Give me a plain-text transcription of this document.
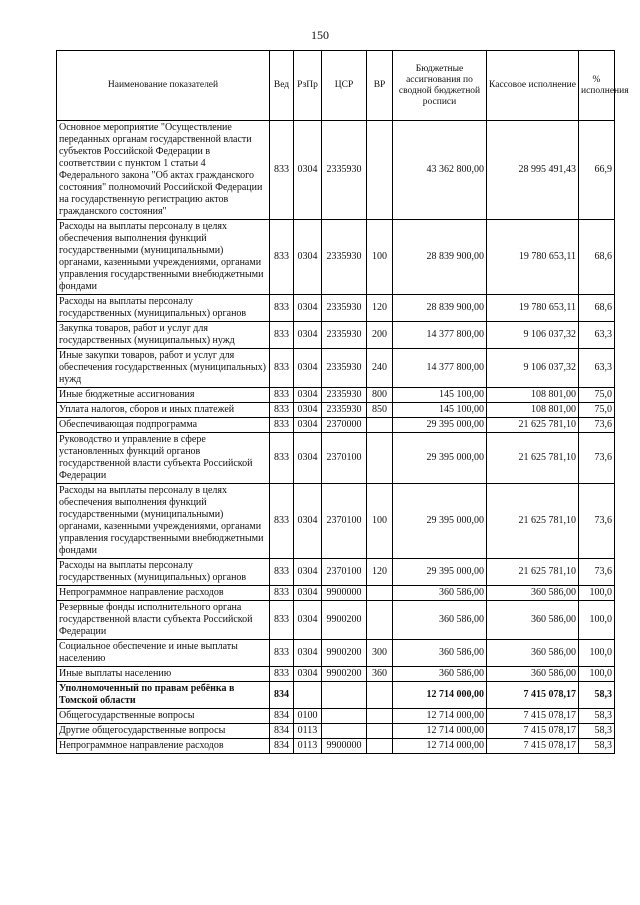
150
Наименование показателей	Вед	РзПр	ЦСР	ВР	Бюджетные ассигнования по сводной бюджетной росписи	Кассовое исполнение	% исполнения
Основное мероприятие "Осуществление переданных органам государственной власти субъектов Российской Федерации в соответствии с пунктом 1 статьи 4 Федерального закона "Об актах гражданского состояния" полномочий Российской Федерации на государственную регистрацию актов гражданского состояния"	833	0304	2335930		43 362 800,00	28 995 491,43	66,9
Расходы на выплаты персоналу в целях обеспечения выполнения функций государственными (муниципальными) органами, казенными учреждениями, органами управления государственными внебюджетными фондами	833	0304	2335930	100	28 839 900,00	19 780 653,11	68,6
Расходы на выплаты персоналу государственных (муниципальных) органов	833	0304	2335930	120	28 839 900,00	19 780 653,11	68,6
Закупка товаров, работ и услуг для государственных (муниципальных) нужд	833	0304	2335930	200	14 377 800,00	9 106 037,32	63,3
Иные закупки товаров, работ и услуг для обеспечения государственных (муниципальных) нужд	833	0304	2335930	240	14 377 800,00	9 106 037,32	63,3
Иные бюджетные ассигнования	833	0304	2335930	800	145 100,00	108 801,00	75,0
Уплата налогов, сборов и иных платежей	833	0304	2335930	850	145 100,00	108 801,00	75,0
Обеспечивающая подпрограмма	833	0304	2370000		29 395 000,00	21 625 781,10	73,6
Руководство и управление в сфере установленных функций органов государственной власти субъекта Российской Федерации	833	0304	2370100		29 395 000,00	21 625 781,10	73,6
Расходы на выплаты персоналу в целях обеспечения выполнения функций государственными (муниципальными) органами, казенными учреждениями, органами управления государственными внебюджетными фондами	833	0304	2370100	100	29 395 000,00	21 625 781,10	73,6
Расходы на выплаты персоналу государственных (муниципальных) органов	833	0304	2370100	120	29 395 000,00	21 625 781,10	73,6
Непрограммное направление расходов	833	0304	9900000		360 586,00	360 586,00	100,0
Резервные фонды исполнительного органа государственной власти субъекта Российской Федерации	833	0304	9900200		360 586,00	360 586,00	100,0
Социальное обеспечение и иные выплаты населению	833	0304	9900200	300	360 586,00	360 586,00	100,0
Иные выплаты населению	833	0304	9900200	360	360 586,00	360 586,00	100,0
Уполномоченный по правам ребёнка в Томской области	834				12 714 000,00	7 415 078,17	58,3
Общегосударственные вопросы	834	0100			12 714 000,00	7 415 078,17	58,3
Другие общегосударственные вопросы	834	0113			12 714 000,00	7 415 078,17	58,3
Непрограммное направление расходов	834	0113	9900000		12 714 000,00	7 415 078,17	58,3
